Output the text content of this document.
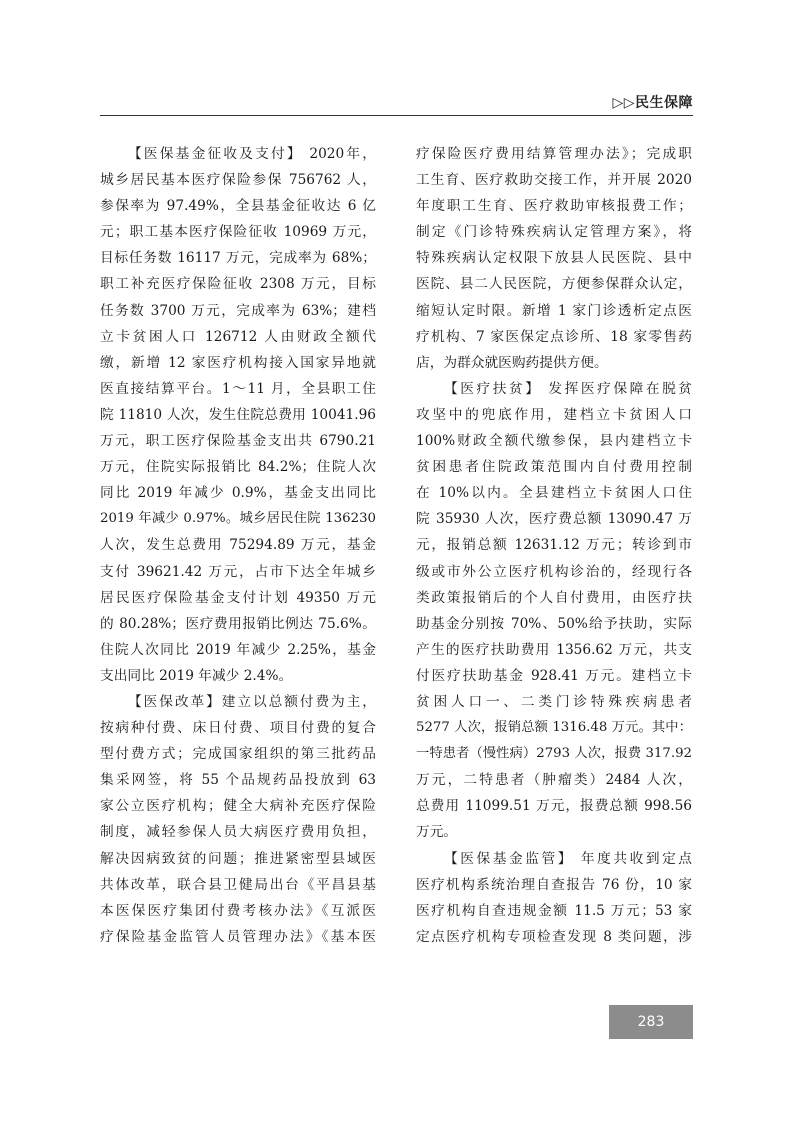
▷▷民生保障
【医保基金征收及支付】 2020年，
城乡居民基本医疗保险参保 756762 人，
参保率为 97.49%，全县基金征收达 6 亿
元；职工基本医疗保险征收 10969 万元，
目标任务数 16117 万元，完成率为 68%；
职工补充医疗保险征收 2308 万元，目标
任务数 3700 万元，完成率为 63%；建档
立卡贫困人口 126712 人由财政全额代
缴，新增 12 家医疗机构接入国家异地就
医直接结算平台。1～11 月，全县职工住
院 11810 人次，发生住院总费用 10041.96
万元，职工医疗保险基金支出共 6790.21
万元，住院实际报销比 84.2%；住院人次
同比 2019 年减少 0.9%，基金支出同比
2019 年减少 0.97%。城乡居民住院 136230
人次，发生总费用 75294.89 万元，基金
支付 39621.42 万元，占市下达全年城乡
居民医疗保险基金支付计划 49350 万元
的 80.28%；医疗费用报销比例达 75.6%。
住院人次同比 2019 年减少 2.25%，基金
支出同比 2019 年减少 2.4%。
【医保改革】建立以总额付费为主，
按病种付费、床日付费、项目付费的复合
型付费方式；完成国家组织的第三批药品
集采网签，将 55 个品规药品投放到 63
家公立医疗机构；健全大病补充医疗保险
制度，减轻参保人员大病医疗费用负担，
解决因病致贫的问题；推进紧密型县域医
共体改革，联合县卫健局出台《平昌县基
本医保医疗集团付费考核办法》《互派医
疗保险基金监管人员管理办法》《基本医
疗保险医疗费用结算管理办法》；完成职
工生育、医疗救助交接工作，并开展 2020
年度职工生育、医疗救助审核报费工作；
制定《门诊特殊疾病认定管理方案》，将
特殊疾病认定权限下放县人民医院、县中
医院、县二人民医院，方便参保群众认定，
缩短认定时限。新增 1 家门诊透析定点医
疗机构、7 家医保定点诊所、18 家零售药
店，为群众就医购药提供方便。
【医疗扶贫】 发挥医疗保障在脱贫
攻坚中的兜底作用，建档立卡贫困人口
100%财政全额代缴参保，县内建档立卡
贫困患者住院政策范围内自付费用控制
在 10%以内。全县建档立卡贫困人口住
院 35930 人次，医疗费总额 13090.47 万
元，报销总额 12631.12 万元；转诊到市
级或市外公立医疗机构诊治的，经现行各
类政策报销后的个人自付费用，由医疗扶
助基金分别按 70%、50%给予扶助，实际
产生的医疗扶助费用 1356.62 万元，共支
付医疗扶助基金 928.41 万元。建档立卡
贫困人口一、二类门诊特殊疾病患者
5277 人次，报销总额 1316.48 万元。其中：
一特患者（慢性病）2793 人次，报费 317.92
万元，二特患者（肿瘤类）2484 人次，
总费用 11099.51 万元，报费总额 998.56
万元。
【医保基金监管】 年度共收到定点
医疗机构系统治理自查报告 76 份，10 家
医疗机构自查违规金额 11.5 万元；53 家
定点医疗机构专项检查发现 8 类问题，涉
283
